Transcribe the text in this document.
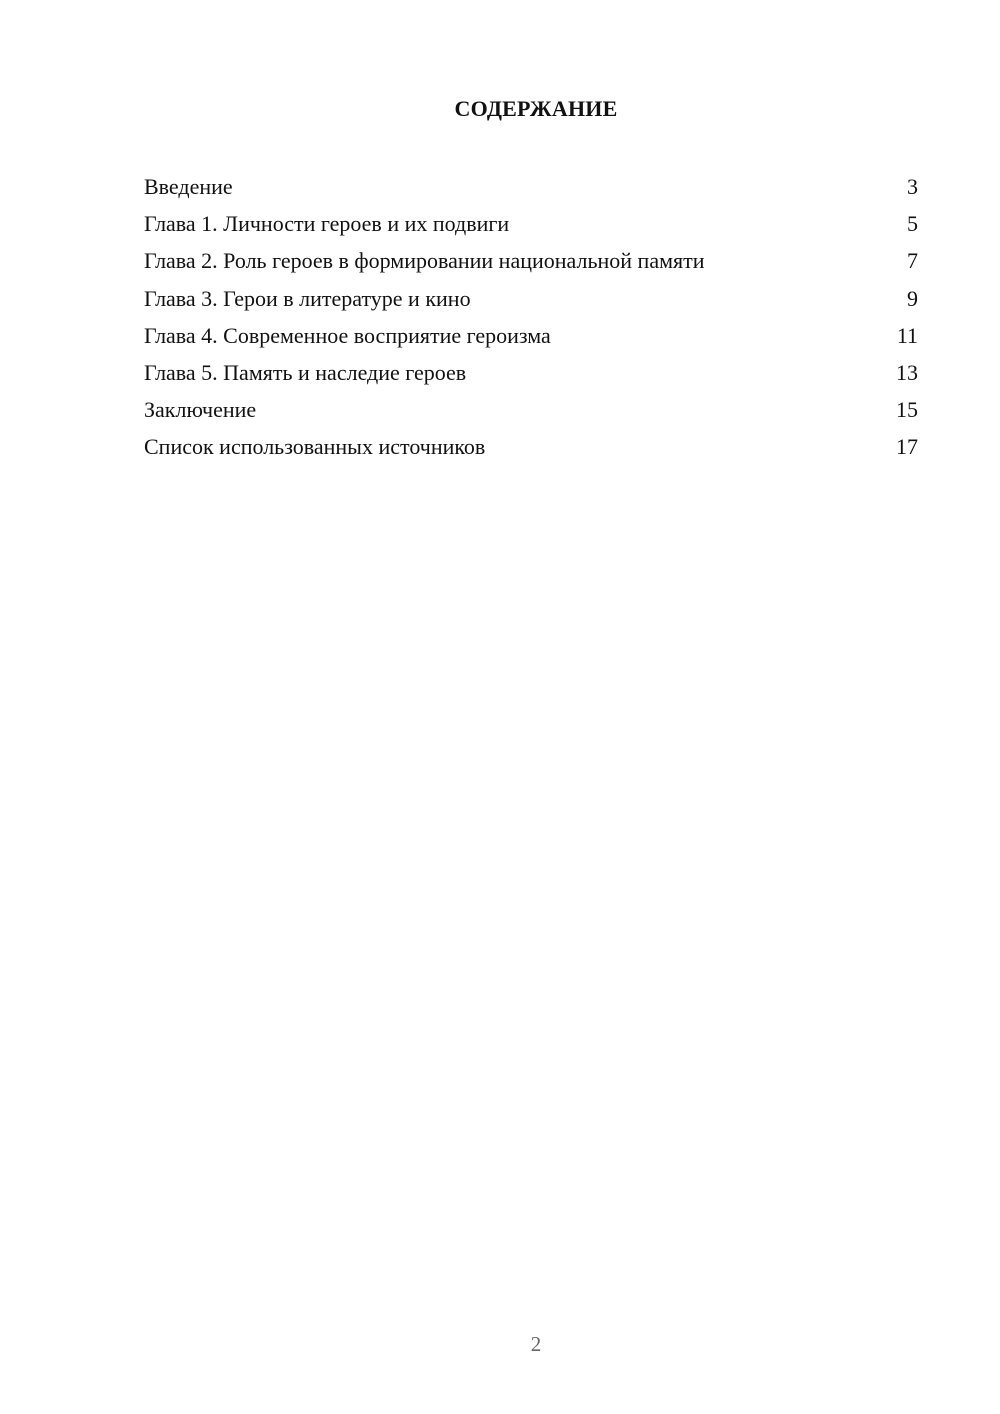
СОДЕРЖАНИЕ
Введение	3
Глава 1. Личности героев и их подвиги	5
Глава 2. Роль героев в формировании национальной памяти	7
Глава 3. Герои в литературе и кино	9
Глава 4. Современное восприятие героизма	11
Глава 5. Память и наследие героев	13
Заключение	15
Список использованных источников	17
2
